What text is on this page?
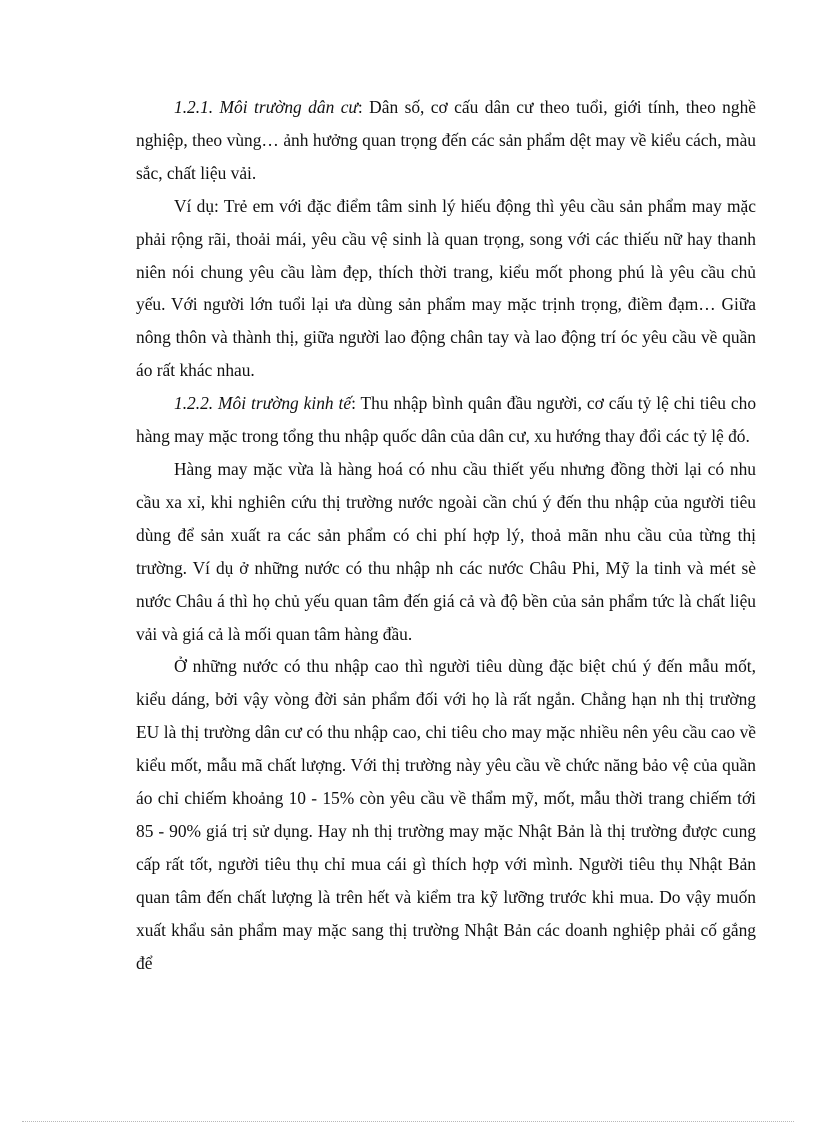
1.2.1. Môi trường dân cư: Dân số, cơ cấu dân cư theo tuổi, giới tính, theo nghề nghiệp, theo vùng… ảnh hưởng quan trọng đến các sản phẩm dệt may về kiểu cách, màu sắc, chất liệu vải.

Ví dụ: Trẻ em với đặc điểm tâm sinh lý hiếu động thì yêu cầu sản phẩm may mặc phải rộng rãi, thoải mái, yêu cầu vệ sinh là quan trọng, song với các thiếu nữ hay thanh niên nói chung yêu cầu làm đẹp, thích thời trang, kiểu mốt phong phú là yêu cầu chủ yếu. Với người lớn tuổi lại ưa dùng sản phẩm may mặc trịnh trọng, điềm đạm… Giữa nông thôn và thành thị, giữa người lao động chân tay và lao động trí óc yêu cầu về quần áo rất khác nhau.

1.2.2. Môi trường kinh tế: Thu nhập bình quân đầu người, cơ cấu tỷ lệ chi tiêu cho hàng may mặc trong tổng thu nhập quốc dân của dân cư, xu hướng thay đổi các tỷ lệ đó.

Hàng may mặc vừa là hàng hoá có nhu cầu thiết yếu nhưng đồng thời lại có nhu cầu xa xỉ, khi nghiên cứu thị trường nước ngoài cần chú ý đến thu nhập của người tiêu dùng để sản xuất ra các sản phẩm có chi phí hợp lý, thoả mãn nhu cầu của từng thị trường. Ví dụ ở những nước có thu nhập nh các nước Châu Phi, Mỹ la tinh và mét sè nước Châu á thì họ chủ yếu quan tâm đến giá cả và độ bền của sản phẩm tức là chất liệu vải và giá cả là mối quan tâm hàng đầu.

Ở những nước có thu nhập cao thì người tiêu dùng đặc biệt chú ý đến mẫu mốt, kiểu dáng, bởi vậy vòng đời sản phẩm đối với họ là rất ngắn. Chẳng hạn nh thị trường EU là thị trường dân cư có thu nhập cao, chi tiêu cho may mặc nhiều nên yêu cầu cao về kiểu mốt, mẫu mã chất lượng. Với thị trường này yêu cầu về chức năng bảo vệ của quần áo chỉ chiếm khoảng 10 - 15% còn yêu cầu về thẩm mỹ, mốt, mẫu thời trang chiếm tới 85 - 90% giá trị sử dụng. Hay nh thị trường may mặc Nhật Bản là thị trường được cung cấp rất tốt, người tiêu thụ chỉ mua cái gì thích hợp với mình. Người tiêu thụ Nhật Bản quan tâm đến chất lượng là trên hết và kiểm tra kỹ lưỡng trước khi mua. Do vậy muốn xuất khẩu sản phẩm may mặc sang thị trường Nhật Bản các doanh nghiệp phải cố gắng để
